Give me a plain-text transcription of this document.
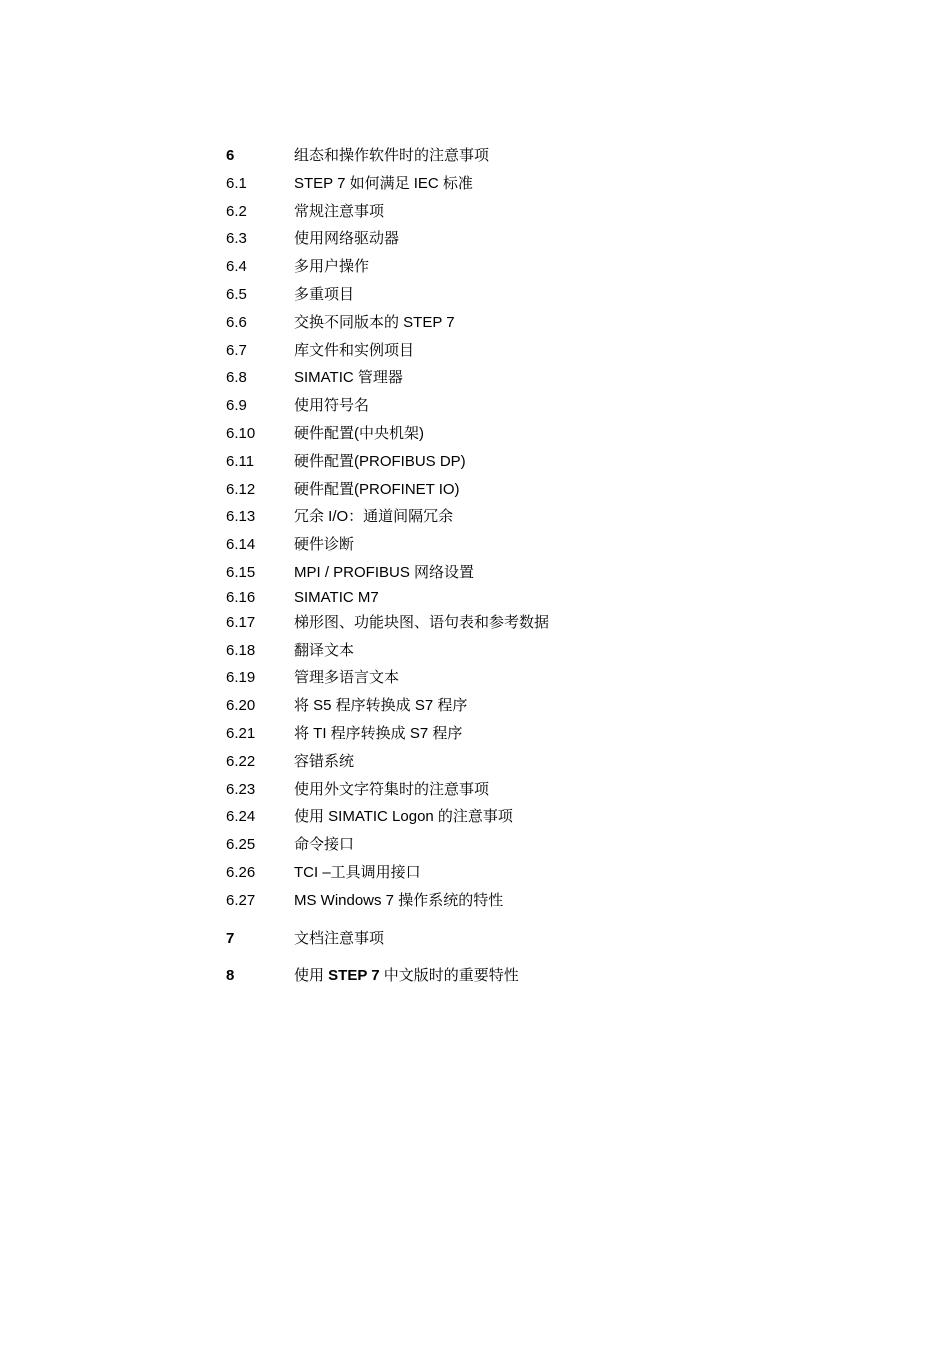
6	组态和操作软件时的注意事项
6.1	STEP 7 如何满足 IEC 标准
6.2	常规注意事项
6.3	使用网络驱动器
6.4	多用户操作
6.5	多重项目
6.6	交换不同版本的 STEP 7
6.7	库文件和实例项目
6.8	SIMATIC 管理器
6.9	使用符号名
6.10	硬件配置(中央机架)
6.11	硬件配置(PROFIBUS DP)
6.12	硬件配置(PROFINET IO)
6.13	冗余 I/O：通道间隔冗余
6.14	硬件诊断
6.15	MPI / PROFIBUS 网络设置
6.16	SIMATIC M7
6.17	梯形图、功能块图、语句表和参考数据
6.18	翻译文本
6.19	管理多语言文本
6.20	将 S5 程序转换成 S7 程序
6.21	将 TI 程序转换成 S7 程序
6.22	容错系统
6.23	使用外文字符集时的注意事项
6.24	使用 SIMATIC Logon 的注意事项
6.25	命令接口
6.26	TCI –工具调用接口
6.27	MS Windows 7 操作系统的特性
7	文档注意事项
8	使用 STEP 7 中文版时的重要特性
